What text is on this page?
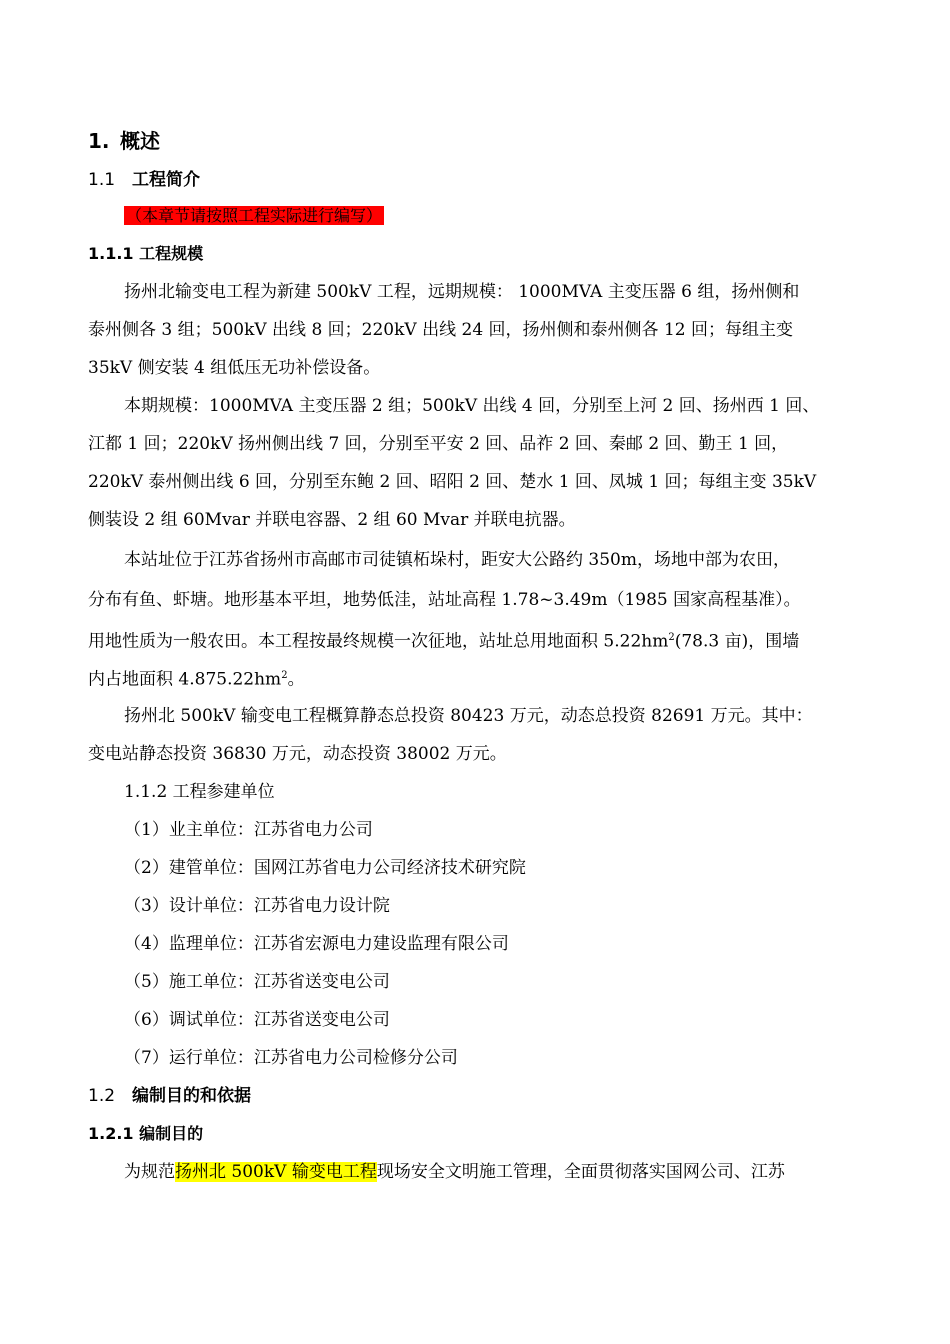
1. 概述
1.1 工程简介
（本章节请按照工程实际进行编写）
1.1.1 工程规模
扬州北输变电工程为新建 500kV 工程，远期规模： 1000MVA 主变压器 6 组，扬州侧和
泰州侧各 3 组；500kV 出线 8 回；220kV 出线 24 回，扬州侧和泰州侧各 12 回；每组主变
35kV 侧安装 4 组低压无功补偿设备。
本期规模：1000MVA 主变压器 2 组；500kV 出线 4 回，分别至上河 2 回、扬州西 1 回、
江都 1 回；220kV 扬州侧出线 7 回，分别至平安 2 回、品祚 2 回、秦邮 2 回、勤王 1 回，
220kV 泰州侧出线 6 回，分别至东鲍 2 回、昭阳 2 回、楚水 1 回、凤城 1 回；每组主变 35kV
侧装设 2 组 60Mvar 并联电容器、2 组 60 Mvar 并联电抗器。
本站址位于江苏省扬州市高邮市司徒镇柘垛村，距安大公路约 350m，场地中部为农田，
分布有鱼、虾塘。地形基本平坦，地势低洼，站址高程 1.78~3.49m（1985 国家高程基准）。
用地性质为一般农田。本工程按最终规模一次征地，站址总用地面积 $5.22hm^2(78.3$ 亩)，围墙
内占地面积 $4.875.22hm^2$。
扬州北 500kV 输变电工程概算静态总投资 80423 万元，动态总投资 82691 万元。其中：
变电站静态投资 36830 万元，动态投资 38002 万元。
1.1.2 工程参建单位
（1）业主单位：江苏省电力公司
（2）建管单位：国网江苏省电力公司经济技术研究院
（3）设计单位：江苏省电力设计院
（4）监理单位：江苏省宏源电力建设监理有限公司
（5）施工单位：江苏省送变电公司
（6）调试单位：江苏省送变电公司
（7）运行单位：江苏省电力公司检修分公司
1.2 编制目的和依据
1.2.1 编制目的
为规范扬州北 500kV 输变电工程现场安全文明施工管理，全面贯彻落实国网公司、江苏
